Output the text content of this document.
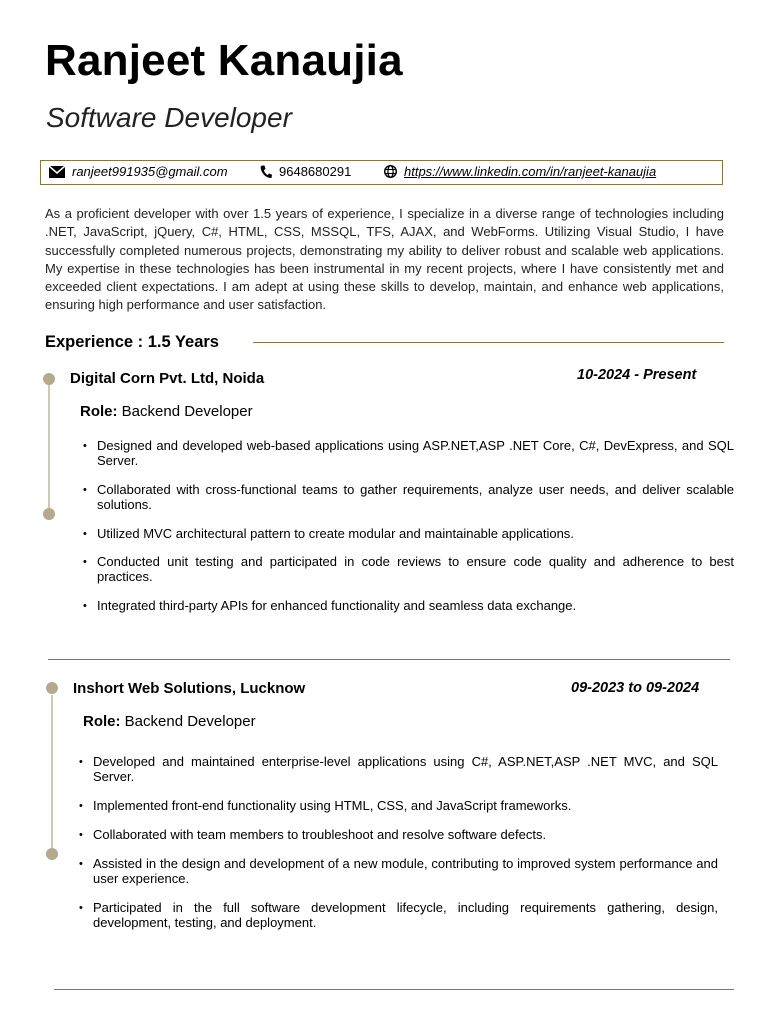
Ranjeet Kanaujia
Software Developer
ranjeet991935@gmail.com	9648680291	https://www.linkedin.com/in/ranjeet-kanaujia
As a proficient developer with over 1.5 years of experience, I specialize in a diverse range of technologies including .NET, JavaScript, jQuery, C#, HTML, CSS, MSSQL, TFS, AJAX, and WebForms. Utilizing Visual Studio, I have successfully completed numerous projects, demonstrating my ability to deliver robust and scalable web applications. My expertise in these technologies has been instrumental in my recent projects, where I have consistently met and exceeded client expectations. I am adept at using these skills to develop, maintain, and enhance web applications, ensuring high performance and user satisfaction.
Experience : 1.5 Years
Digital Corn Pvt. Ltd, Noida	10-2024 - Present
Role: Backend Developer
• Designed and developed web-based applications using ASP.NET,ASP .NET Core, C#, DevExpress, and SQL Server.
• Collaborated with cross-functional teams to gather requirements, analyze user needs, and deliver scalable solutions.
• Utilized MVC architectural pattern to create modular and maintainable applications.
• Conducted unit testing and participated in code reviews to ensure code quality and adherence to best practices.
• Integrated third-party APIs for enhanced functionality and seamless data exchange.
Inshort Web Solutions, Lucknow	09-2023 to 09-2024
Role: Backend Developer
• Developed and maintained enterprise-level applications using C#, ASP.NET,ASP .NET MVC, and SQL Server.
• Implemented front-end functionality using HTML, CSS, and JavaScript frameworks.
• Collaborated with team members to troubleshoot and resolve software defects.
• Assisted in the design and development of a new module, contributing to improved system performance and user experience.
• Participated in the full software development lifecycle, including requirements gathering, design, development, testing, and deployment.
